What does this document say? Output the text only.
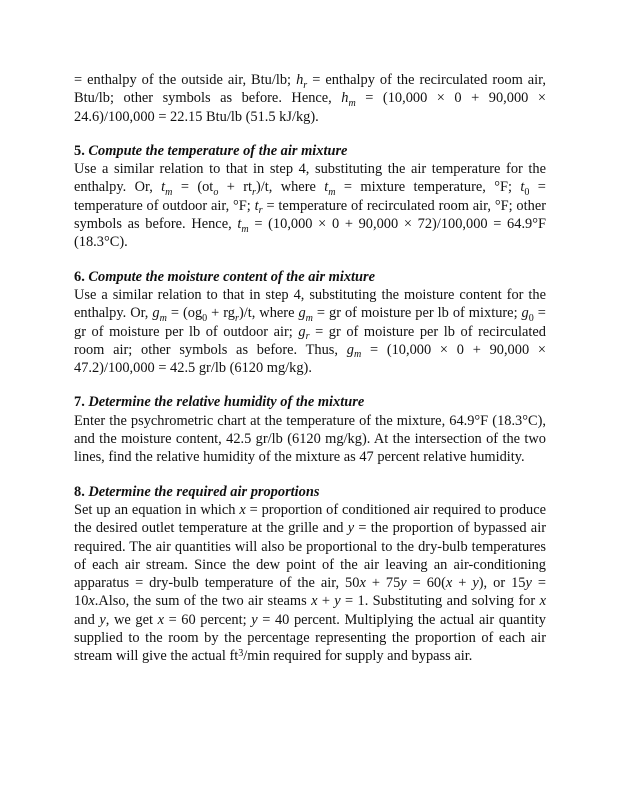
= enthalpy of the outside air, Btu/lb; $h_r$ = enthalpy of the recirculated room air, Btu/lb; other symbols as before. Hence, $h_m = (10,000 \times 0 + 90,000 \times 24.6)/100,000 = 22.15$ Btu/lb (51.5 kJ/kg).

5. Compute the temperature of the air mixture

Use a similar relation to that in step 4, substituting the air temperature for the enthalpy. Or, $t_m = (ot_o + rt_r)/t$, where $t_m$ = mixture temperature, °F; $t_0$ = temperature of outdoor air, °F; $t_r$ = temperature of recirculated room air, °F; other symbols as before. Hence, $t_m = (10,000 \times 0 + 90,000 \times 72)/100,000 = 64.9^\circ F$ (18.3°C).

6. Compute the moisture content of the air mixture

Use a similar relation to that in step 4, substituting the moisture content for the enthalpy. Or, $g_m = (og_0 + rg_r)/t$, where $g_m$ = gr of moisture per lb of mixture; $g_0$ = gr of moisture per lb of outdoor air; $g_r$ = gr of moisture per lb of recirculated room air; other symbols as before. Thus, $g_m = (10,000 \times 0 + 90,000 \times 47.2)/100,000 = 42.5$ gr/lb (6120 mg/kg).

7. Determine the relative humidity of the mixture

Enter the psychrometric chart at the temperature of the mixture, 64.9°F (18.3°C), and the moisture content, 42.5 gr/lb (6120 mg/kg). At the intersection of the two lines, find the relative humidity of the mixture as 47 percent relative humidity.

8. Determine the required air proportions

Set up an equation in which x = proportion of conditioned air required to produce the desired outlet temperature at the grille and y = the proportion of bypassed air required. The air quantities will also be proportional to the dry-bulb temperatures of each air stream. Since the dew point of the air leaving an air-conditioning apparatus = dry-bulb temperature of the air, 50x + 75y = 60(x + y), or 15y = 10x.Also, the sum of the two air steams x + y = 1. Substituting and solving for x and y, we get x = 60 percent; y = 40 percent. Multiplying the actual air quantity supplied to the room by the percentage representing the proportion of each air stream will give the actual $ft^3/\min$ required for supply and bypass air.
